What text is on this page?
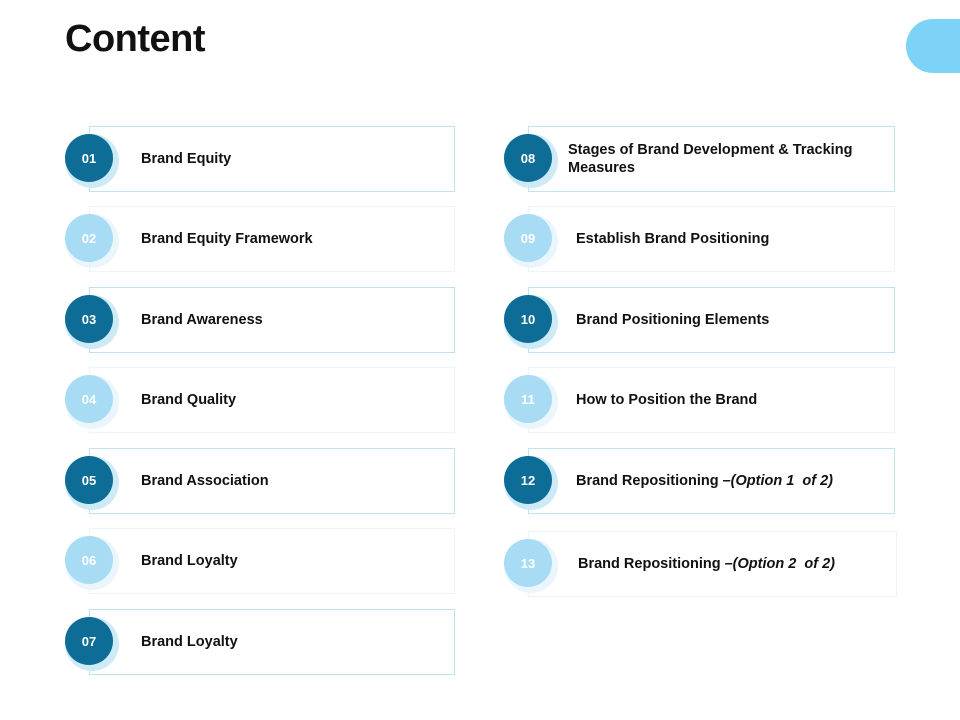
Content
01	Brand Equity
02	Brand Equity Framework
03	Brand Awareness
04	Brand Quality
05	Brand Association
06	Brand Loyalty
07	Brand Loyalty
08	Stages of Brand Development & Tracking Measures
09	Establish Brand Positioning
10	Brand Positioning Elements
11	How to Position the Brand
12	Brand Repositioning – (Option 1  of 2)
13	Brand Repositioning – (Option 2  of 2)
